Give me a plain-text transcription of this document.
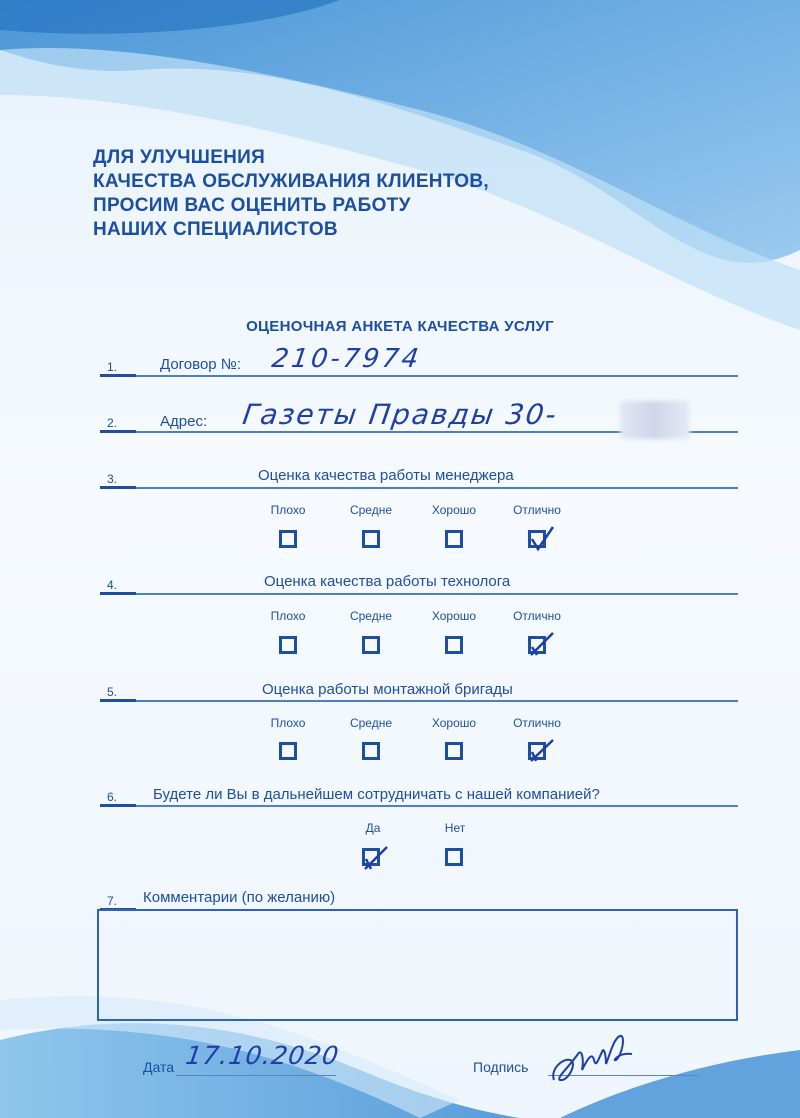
ДЛЯ УЛУЧШЕНИЯ
КАЧЕСТВА ОБСЛУЖИВАНИЯ КЛИЕНТОВ,
ПРОСИМ ВАС ОЦЕНИТЬ РАБОТУ
НАШИХ СПЕЦИАЛИСТОВ
ОЦЕНОЧНАЯ АНКЕТА КАЧЕСТВА УСЛУГ
1.	Договор №: 210-7974
2.	Адрес: Газеты Правды 30-
3.	Оценка качества работы менеджера
Плохо	Средне	Хорошо	Отлично
4.	Оценка качества работы технолога
Плохо	Средне	Хорошо	Отлично
5.	Оценка работы монтажной бригады
Плохо	Средне	Хорошо	Отлично
6. Будете ли Вы в дальнейшем сотрудничать с нашей компанией?
Да	Нет
7. Комментарии (по желанию)
Дата 17.10.2020	Подпись
